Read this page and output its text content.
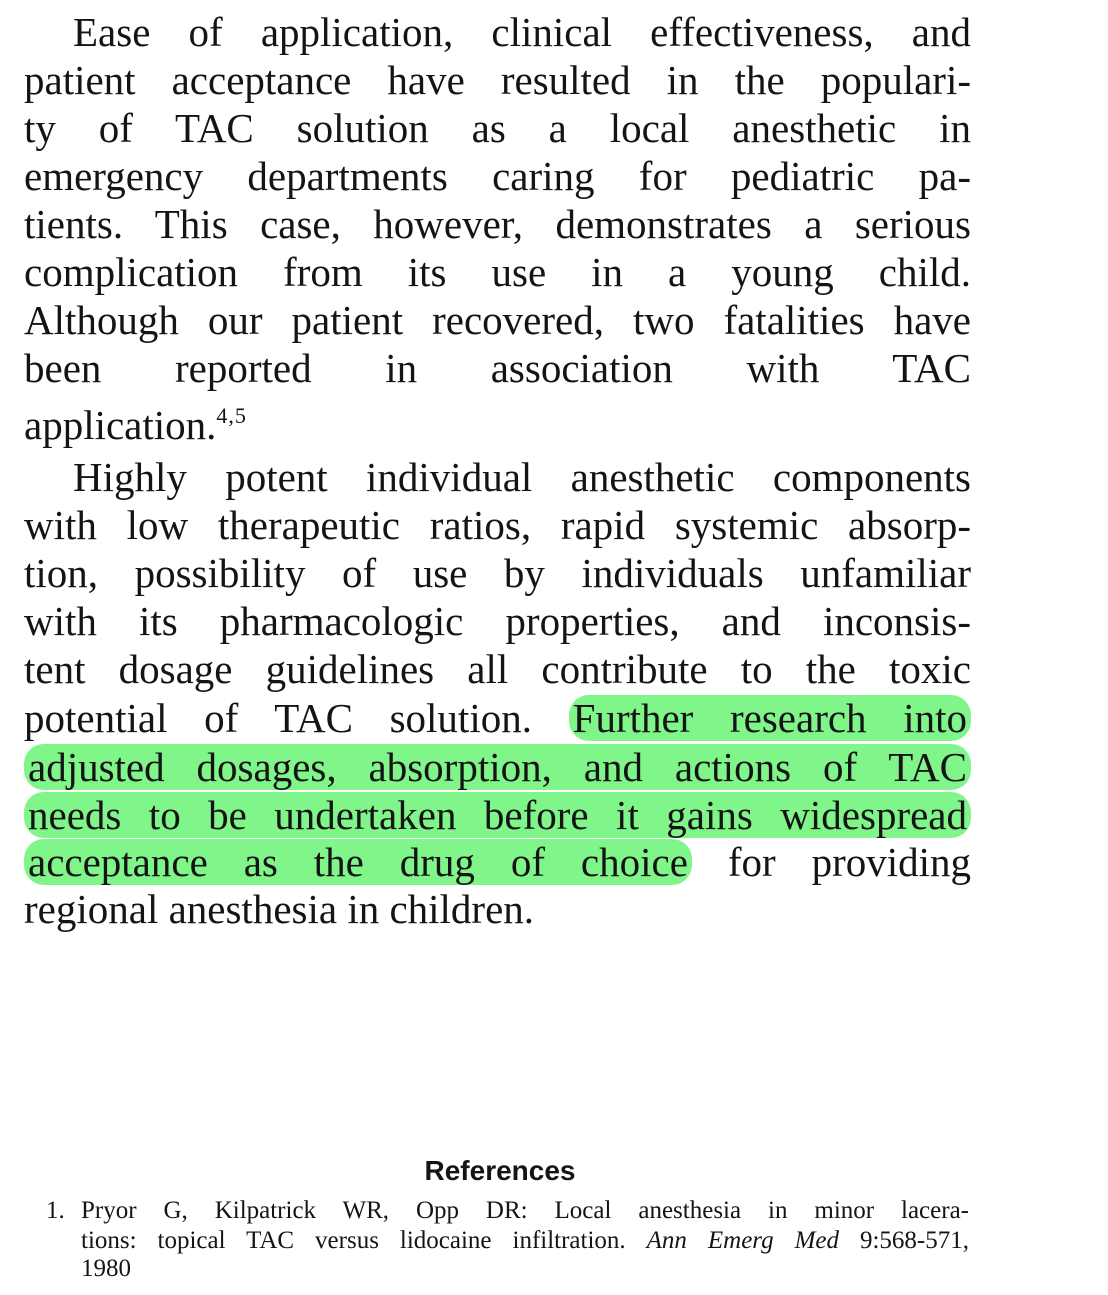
Ease of application, clinical effectiveness, and
patient acceptance have resulted in the populari-
ty of TAC solution as a local anesthetic in
emergency departments caring for pediatric pa-
tients. This case, however, demonstrates a serious
complication from its use in a young child.
Although our patient recovered, two fatalities have
been reported in association with TAC
application.$^{4,5}$
Highly potent individual anesthetic components
with low therapeutic ratios, rapid systemic absorp-
tion, possibility of use by individuals unfamiliar
with its pharmacologic properties, and inconsis-
tent dosage guidelines all contribute to the toxic
potential of TAC solution. Further research into
adjusted dosages, absorption, and actions of TAC
needs to be undertaken before it gains widespread
acceptance as the drug of choice for providing
regional anesthesia in children.
References
1. Pryor G, Kilpatrick WR, Opp DR: Local anesthesia in minor lacera-
tions: topical TAC versus lidocaine infiltration. Ann Emerg Med 9:568-571,
1980
